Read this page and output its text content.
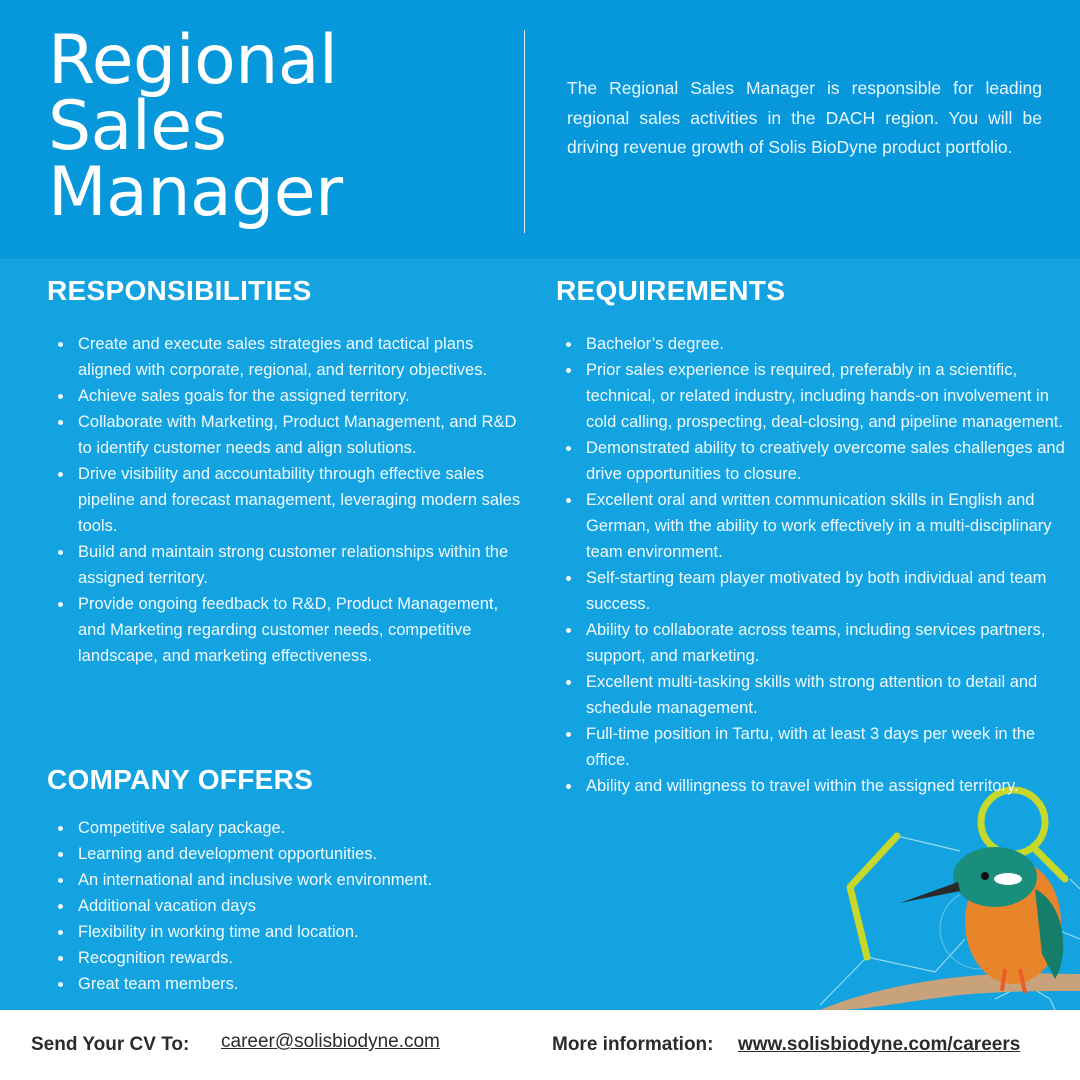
Regional
Sales
Manager

The Regional Sales Manager is responsible for leading regional sales activities in the DACH region. You will be driving revenue growth of Solis BioDyne product portfolio.

RESPONSIBILITIES
Create and execute sales strategies and tactical plans aligned with corporate, regional, and territory objectives.
Achieve sales goals for the assigned territory.
Collaborate with Marketing, Product Management, and R&D to identify customer needs and align solutions.
Drive visibility and accountability through effective sales pipeline and forecast management, leveraging modern sales tools.
Build and maintain strong customer relationships within the assigned territory.
Provide ongoing feedback to R&D, Product Management, and Marketing regarding customer needs, competitive landscape, and marketing effectiveness.
COMPANY OFFERS
Competitive salary package.
Learning and development opportunities.
An international and inclusive work environment.
Additional vacation days
Flexibility in working time and location.
Recognition rewards.
Great team members.
REQUIREMENTS
Bachelor’s degree.
Prior sales experience is required, preferably in a scientific, technical, or related industry, including hands-on involvement in cold calling, prospecting, deal-closing, and pipeline management.
Demonstrated ability to creatively overcome sales challenges and drive opportunities to closure.
Excellent oral and written communication skills in English and German, with the ability to work effectively in a multi-disciplinary team environment.
Self-starting team player motivated by both individual and team success.
Ability to collaborate across teams, including services partners, support, and marketing.
Excellent multi-tasking skills with strong attention to detail and schedule management.
Full-time position in Tartu, with at least 3 days per week in the office.
Ability and willingness to travel within the assigned territory.
Send Your CV To: career@solisbiodyne.com	More information: www.solisbiodyne.com/careers
